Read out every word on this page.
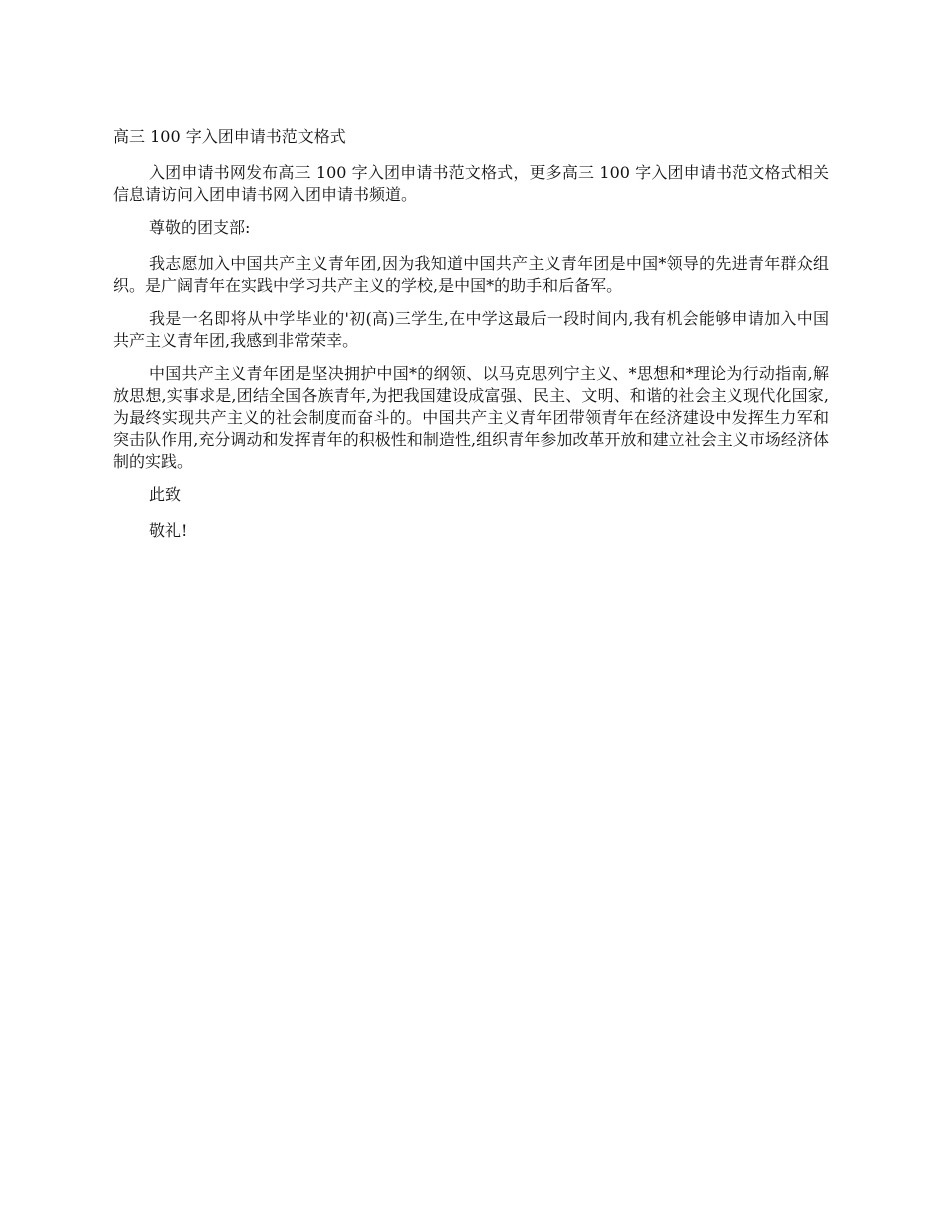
高三 100 字入团申请书范文格式

入团申请书网发布高三 100 字入团申请书范文格式，更多高三 100 字入团申请书范文格式相关信息请访问入团申请书网入团申请书频道。

尊敬的团支部:

我志愿加入中国共产主义青年团,因为我知道中国共产主义青年团是中国*领导的先进青年群众组织。是广阔青年在实践中学习共产主义的学校,是中国*的助手和后备军。

我是一名即将从中学毕业的'初(高)三学生,在中学这最后一段时间内,我有机会能够申请加入中国共产主义青年团,我感到非常荣幸。

中国共产主义青年团是坚决拥护中国*的纲领、以马克思列宁主义、*思想和*理论为行动指南,解放思想,实事求是,团结全国各族青年,为把我国建设成富强、民主、文明、和谐的社会主义现代化国家,为最终实现共产主义的社会制度而奋斗的。中国共产主义青年团带领青年在经济建设中发挥生力军和突击队作用,充分调动和发挥青年的积极性和制造性,组织青年参加改革开放和建立社会主义市场经济体制的实践。

此致

敬礼!
